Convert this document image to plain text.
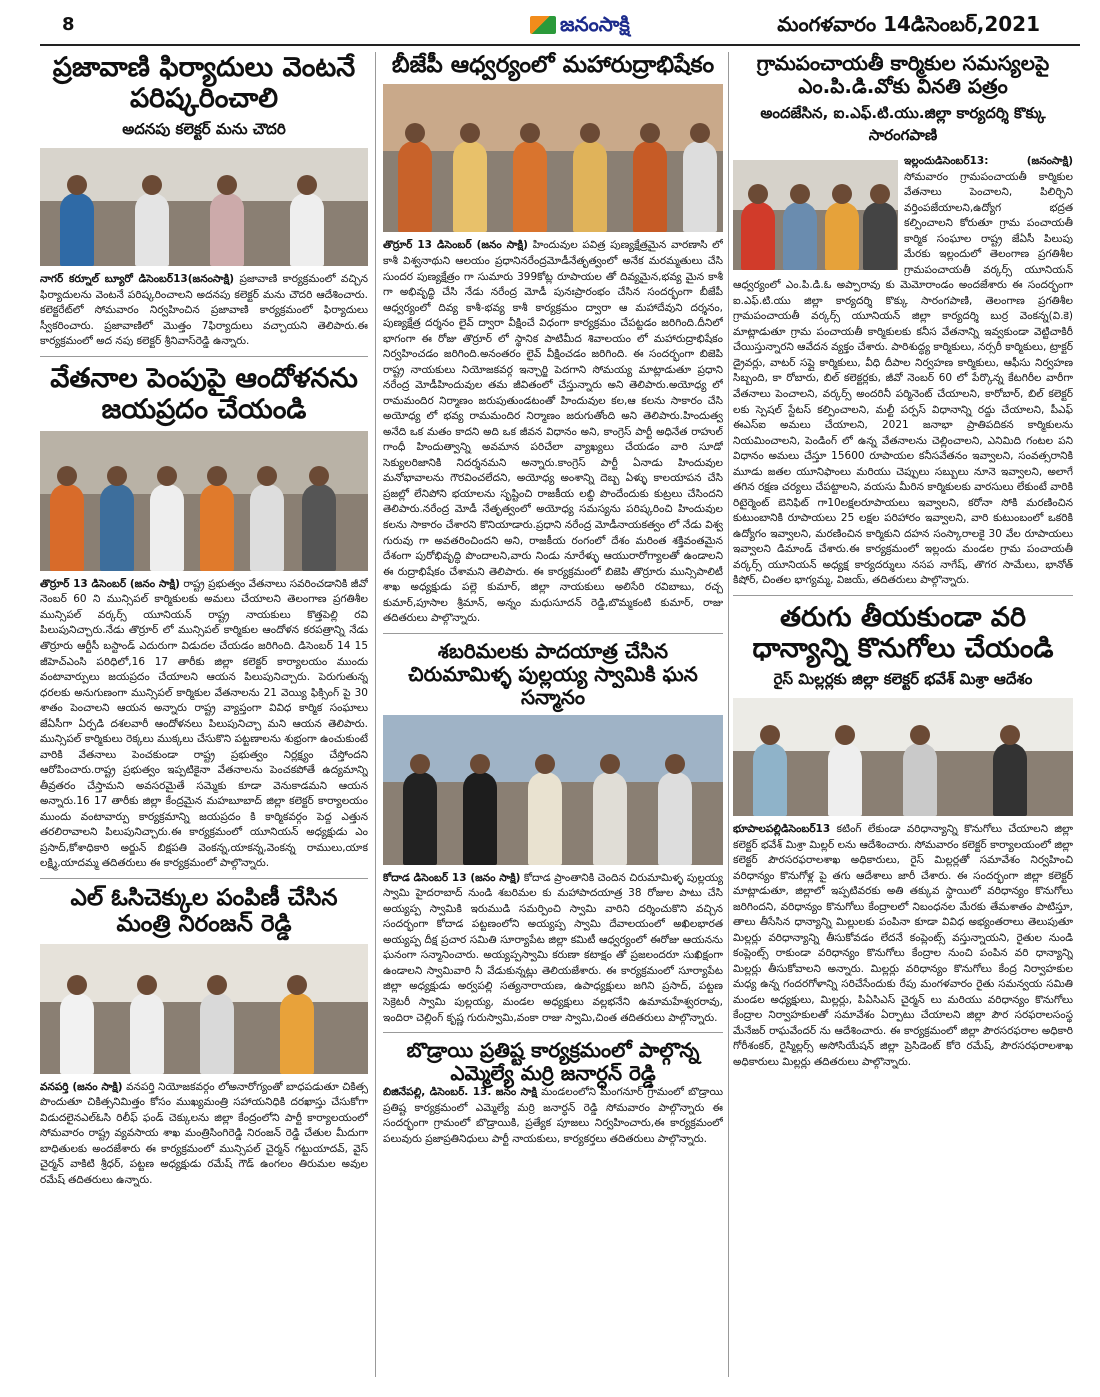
8	జనంసాక్షి	మంగళవారం 14డిసెంబర్,2021
ప్రజావాణి ఫిర్యాదులు వెంటనే పరిష్కరించాలి
అదనపు కలెక్టర్ మను చౌదరి

నాగర్ కర్నూల్ బ్యూరో డిసెంబర్13(జనంసాక్షి) ప్రజావాణి కార్యక్రమంలో వచ్చిన ఫిర్యాదులను వెంటనే పరిష్కరించాలని అదనపు కలెక్టర్ మను చౌదరి ఆదేశించారు. కలెక్టరేట్‌లో సోమవారం నిర్వహించిన ప్రజావాణి కార్యక్రమంలో ఫిర్యాదులు స్వీకరించారు. ప్రజావాణిలో మొత్తం 7ఫిర్యాదులు వచ్చాయని తెలిపారు.ఈ కార్యక్రమంలో అద నపు కలెక్టర్ శ్రీనివాస్‌రెడ్డి ఉన్నారు.

వేతనాల పెంపుపై ఆందోళనను జయప్రదం చేయండి

తొర్రూర్ 13 డిసెంబర్ (జనం సాక్షి) రాష్ట్ర ప్రభుత్వం వేతనాలు సవరించడానికి జీవో నెంబర్ 60 ని మున్సిపల్ కార్మికులకు అమలు చేయాలని తెలంగాణ ప్రగతిశీల మున్సిపల్ వర్కర్స్ యూనియన్ రాష్ట్ర నాయకులు కొత్తపెల్లి రవి పిలుపునిచ్చారు.నేడు తొర్రూర్ లో మున్సిపల్ కార్మికుల ఆందోళన కరపత్రాన్ని నేడు తొర్రూరు ఆర్టీసీ బస్టాండ్ ఎదురుగా విడుదల చేయడం జరిగింది. డిసెంబర్ 14 15 జీహెచ్ఎంసి పరిధిలో,16 17 తారీకు జిల్లా కలెక్టర్ కార్యాలయం ముందు వంటావార్పులు జయప్రదం చేయాలని ఆయన పిలుపునిచ్చారు. పెరుగుతున్న ధరలకు అనుగుణంగా మున్సిపల్ కార్మికుల వేతనాలను 21 వెయ్యి ఫిక్సింగ్ పై 30 శాతం పెంచాలని ఆయన అన్నారు రాష్ట్ర వ్యాప్తంగా వివిధ కార్మిక సంఘాలు జేఏసీగా ఏర్పడి దశలవారీ ఆందోళనలు పిలుపునిచ్చా మని ఆయన తెలిపారు. మున్సిపల్ కార్మికులు రెక్కలు ముక్కలు చేసుకొని పట్టణాలను శుభ్రంగా ఉంచుకుంటే వారికి వేతనాలు పెంచకుండా రాష్ట్ర ప్రభుత్వం నిర్లక్ష్యం చేస్తోందని ఆరోపించారు.రాష్ట్ర ప్రభుత్వం ఇప్పటికైనా వేతనాలను పెంచకపోతే ఉద్యమాన్ని తీవ్రతరం చేస్తామని అవసరమైతే సమ్మెకు కూడా వెనుకాడమని ఆయన అన్నారు.16 17 తారీకు జిల్లా కేంద్రమైన మహబూబాద్ జిల్లా కలెక్టర్ కార్యాలయం ముందు వంటావార్పు కార్యక్రమాన్ని జయప్రదం కి కార్మికవర్గం పెద్ద ఎత్తున తరలిరావాలని పిలుపునిచ్చారు.ఈ కార్యక్రమంలో యూనియన్ అధ్యక్షుడు ఎం ప్రసాద్,కోశాధికారి అర్జున్ బిక్షపతి వెంకన్న,యాకన్న,వెంకన్న రాములు,యాక లక్ష్మి,యాదమ్మ తదితరులు ఈ కార్యక్రమంలో పాల్గొన్నారు.

ఎల్ ఓసిచెక్కుల పంపిణీ చేసిన మంత్రి నిరంజన్ రెడ్డి

వనపర్తి (జనం సాక్షి) వనపర్తి నియోజకవర్గం లోఅనారోగ్యంతో బాధపడుతూ చికిత్స పొందుతూ చికిత్సనిమిత్తం కోసం ముఖ్యమంత్రి సహాయనిధికి దరఖాస్తు చేసుకోగా విడుదలైనఎల్ఓసి రిలీఫ్ ఫండ్ చెక్కులను జిల్లా కేంద్రంలోని పార్టీ కార్యాలయంలో సోమవారం రాష్ట్ర వ్యవసాయ శాఖ మంత్రిసింగిరెడ్డి నిరంజన్ రెడ్డి చేతుల మీదుగా బాధితులకు అందజేశారు ఈ కార్యక్రమంలో మున్సిపల్ చైర్మన్ గట్టుయాదవ్, వైస్ చైర్మన్ వాకిటి శ్రీధర్, పట్టణ అధ్యక్షుడు రమేష్ గౌడ్ ఉంగలం తిరుమల అవుల రమేష్ తదితరులు ఉన్నారు.

బీజేపీ ఆధ్వర్యంలో మహారుద్రాభిషేకం

తొర్రూర్ 13 డిసెంబర్ (జనం సాక్షి) హిందువుల పవిత్ర పుణ్యక్షేత్రమైన వారణాసి లో కాశీ విశ్వనాథుని ఆలయం ప్రధానినరేంద్రమోడీనేతృత్వంలో అనేక మరమ్మతులు చేసి సుందర పుణ్యక్షేత్రం గా సుమారు 399కోట్ల రూపాయల తో దివ్యమైన,భవ్య మైన కాశీ గా అభివృద్ధి చేసి నేడు నరేంద్ర మోడీ పునఃప్రారంభం చేసిన సందర్భంగా బీజేపీ ఆధ్వర్యంలో దివ్య కాశీ-భవ్య కాశీ కార్యక్రమం ద్వారా ఆ మహాదేవుని దర్శనం, పుణ్యక్షేత్ర దర్శనం లైవ్ ద్వారా వీక్షించే విధంగా కార్యక్రమం చేపట్టడం జరిగింది.దీనిలో భాగంగా ఈ రోజు తొర్రూర్ లో స్థానిక పాటిమీద శివాలయం లో మహారుద్రాభిషేకం నిర్వహించడం జరిగింది.అనంతరం లైవ్ వీక్షించడం జరిగింది. ఈ సందర్భంగా బిజెపి రాష్ట్ర నాయకులు నియోజకవర్గ ఇన్చార్జి పెదగాని సోమయ్య మాట్లాడుతూ ప్రధాని నరేంద్ర మోడీహిందువుల తమ జీవితంలో చేస్తున్నారు అని తెలిపారు.అయోధ్య లో రామమందిర నిర్మాణం జరుపుతుండటంతో హిందువుల కల,ఆ కలను సాకారం చేసి అయోధ్య లో భవ్య రామమందిర నిర్మాణం జరుగుతోంది అని తెలిపారు.హిందుత్వ అనేది ఒక మతం కాదని అది ఒక జీవన విధానం అని, కాంగ్రెస్ పార్టీ అధినేత రాహుల్ గాంధీ హిందుత్వాన్ని అవమాన పరిచేలా వ్యాఖ్యలు చేయడం వారి సూడో సెక్యులరిజానికి నిదర్శనమని అన్నారు.కాంగ్రెస్ పార్టీ ఏనాడు హిందువుల మనోభావాలను గౌరవించలేదని, అయోధ్య అంశాన్ని దెబ్బ ఏళ్ళు కాలయాపన చేసి ప్రజల్లో లేనిపోని భయాలను సృష్టించి రాజకీయ లబ్ధి పొందేందుకు కుట్రలు చేసిందని తెలిపారు.నరేంద్ర మోడీ నేతృత్వంలో అయోధ్య సమస్యను పరిష్కరించి హిందువుల కలను సాకారం చేశారని కొనియాడారు.ప్రధాని నరేంద్ర మోడీనాయకత్వం లో నేడు విశ్వ గురువు గా అవతరించిందని అని, రాజకీయ రంగంలో దేశం మరింత శక్తివంతమైన దేశంగా పురోభివృద్ధి పొందాలని,వారు నిండు నూరేళ్ళు ఆయురారోగ్యాలతో ఉండాలని ఈ రుద్రాభిషేకం చేశామని తెలిపారు. ఈ కార్యక్రమంలో బిజెపి తొర్రూరు మున్సిపాలిటీ శాఖ అధ్యక్షుడు పల్లె కుమార్, జిల్లా నాయకులు అలిసేరి రవిబాబు, రచ్చ కుమార్,పూసాల శ్రీమాన్, అన్నం మధుసూదన్ రెడ్డి,బొమ్మకంటి కుమార్, రాజు తదితరులు పాల్గొన్నారు.

శబరిమలకు పాదయాత్ర చేసిన చిరుమామిళ్ళ పుల్లయ్య స్వామికి ఘన సన్మానం

కోదాడ డిసెంబర్ 13 (జనం సాక్షి) కోదాడ ప్రాంతానికి చెందిన చిరుమామిళ్ళ పుల్లయ్య స్వామి హైదరాబాద్ నుండి శబరిమల కు మహాపాదయాత్ర 38 రోజుల పాటు చేసి అయ్యప్ప స్వామికి ఇరుముడి సమర్పించి స్వామి వారిని దర్శించుకొని వచ్చిన సందర్భంగా కోదాడ పట్టణంలోని అయ్యప్ప స్వామి దేవాలయంలో అఖిలభారత అయ్యప్ప దీక్ష ప్రచార సమితి సూర్యాపేట జిల్లా కమిటీ ఆధ్వర్యంలో ఈరోజు ఆయనను ఘనంగా సన్మానించారు. అయ్యప్పస్వామి కరుణా కటాక్షం తో ప్రజలందరూ సుఖిక్షంగా ఉండాలని స్వామివారి నీ వేడుకున్నట్లు తెలియజేశారు. ఈ కార్యక్రమంలో సూర్యాపేట జిల్లా అధ్యక్షుడు అర్వపల్లి సత్యనారాయణ, ఉపాధ్యక్షులు జగిని ప్రసాద్, పట్టణ సెక్రెటరీ స్వామి పుల్లయ్య, మండల అధ్యక్షులు వల్లభనేని ఉమామహేశ్వరరావు, ఇందిరా చెల్లింగ్ కృష్ణ గురుస్వామి,వంకా రాజు స్వామి,చింత తదితరులు పాల్గొన్నారు.

బొడ్రాయి ప్రతిష్ట కార్యక్రమంలో పాల్గొన్న ఎమ్మెల్యే మర్రి జనార్ధన్ రెడ్డి

బిజినేపల్లి, డిసెంబర్. 13. జనం సాక్షి మండలంలోని మంగనూర్ గ్రామంలో బొడ్రాయి ప్రతిష్ట కార్యక్రమంలో ఎమ్మెల్యే మర్రి జనార్ధన్ రెడ్డి సోమవారం పాల్గొన్నారు ఈ సందర్భంగా గ్రామంలో బొడ్రాయికి, ప్రత్యేక పూజలు నిర్వహించారు,ఈ కార్యక్రమంలో పలువురు ప్రజాప్రతినిధులు పార్టీ నాయకులు, కార్యకర్తలు తదితరులు పాల్గొన్నారు.

గ్రామపంచాయతీ కార్మికుల సమస్యలపై ఎం.పి.డి.వోకు వినతి పత్రం
అందజేసిన, ఐ.ఎఫ్.టి.యు.జిల్లా కార్యదర్శి కొక్కు సారంగపాణి

ఇల్లందుడిసెంబర్13: (జనంసాక్షి) సోమవారం గ్రామపంచాయతీ కార్మికుల వేతనాలు పెంచాలని, పిలిర్చిని వర్తింపజేయాలని,ఉద్యోగ భద్రత కల్పించాలని కోరుతూ గ్రామ పంచాయతీ కార్మిక సంఘాల రాష్ట్ర జేఏసీ పిలుపు మేరకు ఇల్లందులో తెలంగాణ ప్రగతిశీల గ్రామపంచాయతీ వర్కర్స్ యూనియన్ ఆధ్వర్యంలో ఎం.పి.డి.ఓ అప్పారావు కు మెమోరాండం అందజేశారు ఈ సందర్భంగా ఐ.ఎఫ్.టి.యు జిల్లా కార్యదర్శి కొక్కు సారంగపాణి, తెలంగాణ ప్రగతిశీల గ్రామపంచాయతీ వర్కర్స్ యూనియన్ జిల్లా కార్యదర్శి బుర్ర వెంకన్న(వి.కె) మాట్లాడుతూ గ్రామ పంచాయతీ కార్మికులకు కనీస వేతనాన్ని ఇవ్వకుండా వెట్టిచాకిరీ చేయిస్తున్నారని ఆవేదన వ్యక్తం చేశారు. పారిశుద్ధ్య కార్మికులు, నర్సరీ కార్మికులు, ట్రాక్టర్ డ్రైవర్లు, వాటర్ సప్లై కార్మికులు, వీధి దీపాల నిర్వహణ కార్మికులు, ఆఫీసు నిర్వహణ సిబ్బంది, కా రోబారు, బిల్ కలెక్టర్లకు, జీవో నెంబర్ 60 లో పేర్కొన్న కేటగిరీల వారీగా వేతనాలు పెంచాలని, వర్కర్స్ అందరినీ పర్మినెంట్ చేయాలని, కారోబార్, బిల్ కలెక్టర్ లకు స్పెషల్ స్టేటస్ కల్పించాలని, మల్టీ పర్పస్ విధానాన్ని రద్దు చేయాలని, పీఎఫ్ ఈఎస్ఐ అమలు చేయాలని, 2021 జనాభా ప్రాతిపదికన కార్మికులను నియమించాలని, పెండింగ్ లో ఉన్న వేతనాలను చెల్లించాలని, ఎనిమిది గంటల పని విధానం అమలు చేస్తూ 15600 రూపాయల కనీసవేతనం ఇవ్వాలని, సంవత్సరానికి మూడు జతల యూనిఫాంలు మరియు చెప్పులు సబ్బులు నూనె ఇవ్వాలని, అలాగే తగిన రక్షణ చర్యలు చేపట్టాలని, వయసు మీరిన కార్మికులకు వారసులు లేకుంటే వారికి రిటైర్మెంట్ బెనిఫిట్ గా10లక్షలరూపాయలు ఇవ్వాలని, కరోనా సోకి మరణించిన కుటుంబానికి రూపాయలు 25 లక్షల పరిహారం ఇవ్వాలని, వారి కుటుంబంలో ఒకరికి ఉద్యోగం ఇవ్వాలని, మరణించిన కార్మికుని దహన సంస్కారాలకై 30 వేల రూపాయలు ఇవ్వాలని డిమాండ్ చేశారు.ఈ కార్యక్రమంలో ఇల్లందు మండల గ్రామ పంచాయతీ వర్కర్స్ యూనియన్ అధ్యక్ష కార్యదర్శులు నసప నాగేష్, తొగర సామేలు, భానోత్ కిషోర్, చింతల భాగ్యమ్మ, విజయ్, తదితరులు పాల్గొన్నారు.

తరుగు తీయకుండా వరి ధాన్యాన్ని కొనుగోలు చేయండి
రైస్ మిల్లర్లకు జిల్లా కలెక్టర్ భవేశ్ మిశ్రా ఆదేశం

భూపాలపల్లిడిసెంబర్13 కటింగ్ లేకుండా వరిధాన్యాన్ని కొనుగోలు చేయాలని జిల్లా కలెక్టర్ భవేశ్ మిశ్రా మిల్లర్ లను ఆదేశించారు. సోమవారం కలెక్టర్ కార్యాలయంలో జిల్లా కలెక్టర్ పౌరసరఫరాలశాఖ అధికారులు, రైస్ మిల్లర్లతో సమావేశం నిర్వహించి వరిధాన్యం కొనుగోళ్ల పై తగు ఆదేశాలు జారీ చేశారు. ఈ సందర్భంగా జిల్లా కలెక్టర్ మాట్లాడుతూ, జిల్లాలో ఇప్పటివరకు అతి తక్కువ స్థాయిలో వరిధాన్యం కొనుగోలు జరిగిందని, వరిధాన్యం కొనుగోలు కేంద్రాలలో నిబంధనల మేరకు తేమశాతం పాటిస్తూ, తాలు తీసేసిన ధాన్యాన్ని మిల్లులకు పంపినా కూడా వివిధ అభ్యంతరాలు తెలుపుతూ మిల్లర్లు వరిధాన్యాన్ని తీసుకోవడం లేదనే కంప్లెంట్స్ వస్తున్నాయని, రైతుల నుండి కంప్లెంట్స్ రాకుండా వరిధాన్యం కొనుగోలు కేంద్రాల నుంచి పంపిన వరి ధాన్యాన్ని మిల్లర్లు తీసుకోవాలని అన్నారు. మిల్లర్లు వరిధాన్యం కొనుగోలు కేంద్ర నిర్వాహకుల మధ్య ఉన్న గందరగోళాన్ని సరిచేసేందుకు రేపు మంగళవారం రైతు సమన్వయ సమితి మండల అధ్యక్షులు, మిల్లర్లు, పిఏసిఎస్ చైర్మన్ లు మరియు వరిధాన్యం కొనుగోలు కేంద్రాల నిర్వాహకులతో సమావేశం ఏర్పాటు చేయాలని జిల్లా పౌర సరఫరాలసంస్థ మేనేజర్ రాఘవేందర్ ను ఆదేశించారు. ఈ కార్యక్రమంలో జిల్లా పౌరసరఫరాల అధికారి గోరీశంకర్, రైస్మిల్లర్స్ అసోసియేషన్ జిల్లా ప్రెసిడెంట్ కోరె రమేష్, పౌరసరఫరాలశాఖ అధికారులు మిల్లర్లు తదితరులు పాల్గొన్నారు.
